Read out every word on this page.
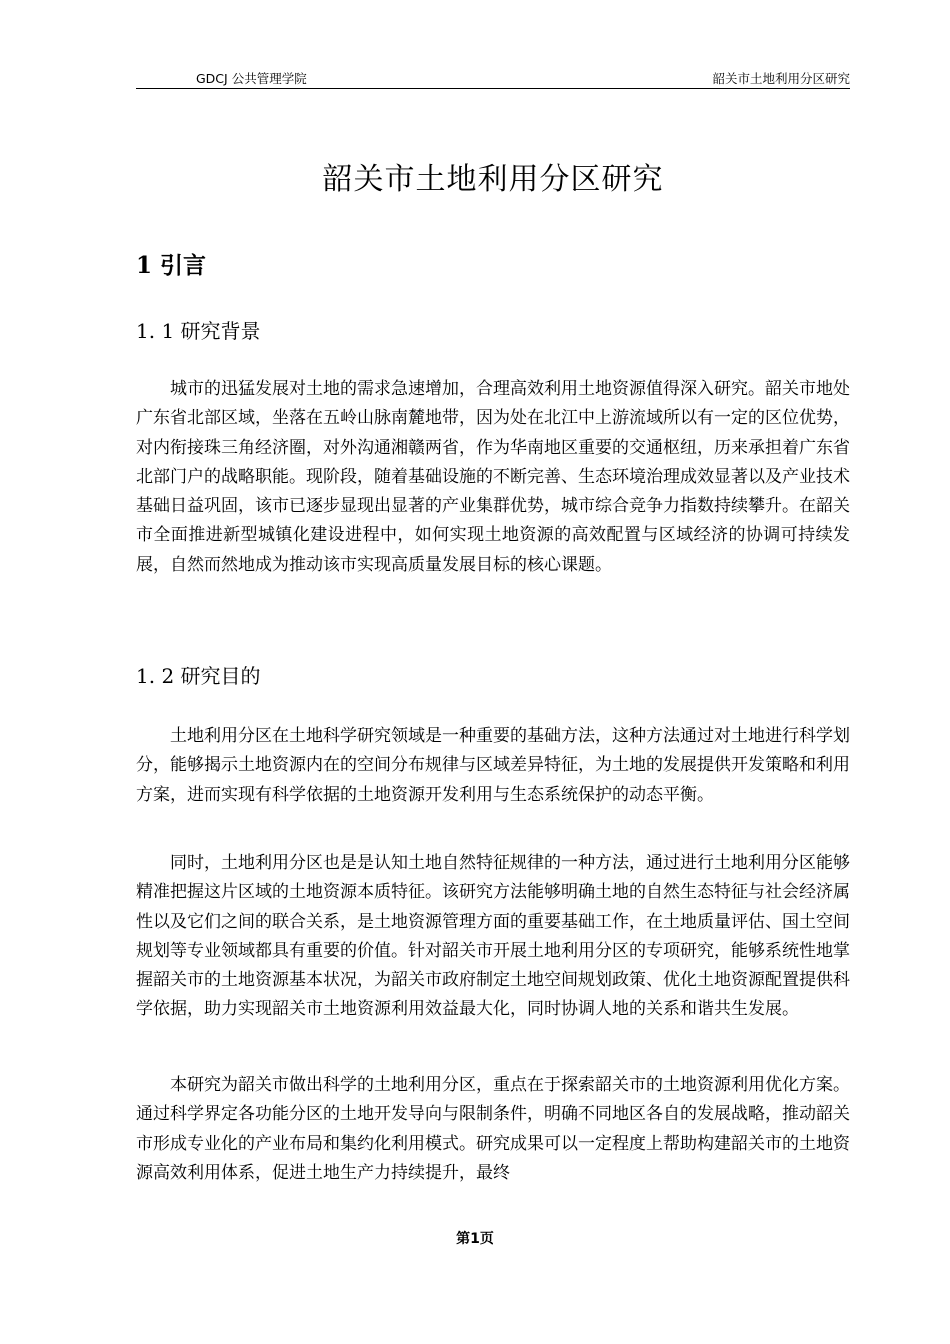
GDCJ 公共管理学院	韶关市土地利用分区研究
韶关市土地利用分区研究
1 引言
1. 1 研究背景
城市的迅猛发展对土地的需求急速增加，合理高效利用土地资源值得深入研究。韶关市地处广东省北部区域，坐落在五岭山脉南麓地带，因为处在北江中上游流域所以有一定的区位优势，对内衔接珠三角经济圈，对外沟通湘赣两省，作为华南地区重要的交通枢纽，历来承担着广东省北部门户的战略职能。现阶段，随着基础设施的不断完善、生态环境治理成效显著以及产业技术基础日益巩固，该市已逐步显现出显著的产业集群优势，城市综合竞争力指数持续攀升。在韶关市全面推进新型城镇化建设进程中，如何实现土地资源的高效配置与区域经济的协调可持续发展，自然而然地成为推动该市实现高质量发展目标的核心课题。
1. 2 研究目的
土地利用分区在土地科学研究领域是一种重要的基础方法，这种方法通过对土地进行科学划分，能够揭示土地资源内在的空间分布规律与区域差异特征，为土地的发展提供开发策略和利用方案，进而实现有科学依据的土地资源开发利用与生态系统保护的动态平衡。
同时，土地利用分区也是是认知土地自然特征规律的一种方法，通过进行土地利用分区能够精准把握这片区域的土地资源本质特征。该研究方法能够明确土地的自然生态特征与社会经济属性以及它们之间的联合关系，是土地资源管理方面的重要基础工作，在土地质量评估、国土空间规划等专业领域都具有重要的价值。针对韶关市开展土地利用分区的专项研究，能够系统性地掌握韶关市的土地资源基本状况，为韶关市政府制定土地空间规划政策、优化土地资源配置提供科学依据，助力实现韶关市土地资源利用效益最大化，同时协调人地的关系和谐共生发展。
本研究为韶关市做出科学的土地利用分区，重点在于探索韶关市的土地资源利用优化方案。通过科学界定各功能分区的土地开发导向与限制条件，明确不同地区各自的发展战略，推动韶关市形成专业化的产业布局和集约化利用模式。研究成果可以一定程度上帮助构建韶关市的土地资源高效利用体系，促进土地生产力持续提升，最终
第1页
